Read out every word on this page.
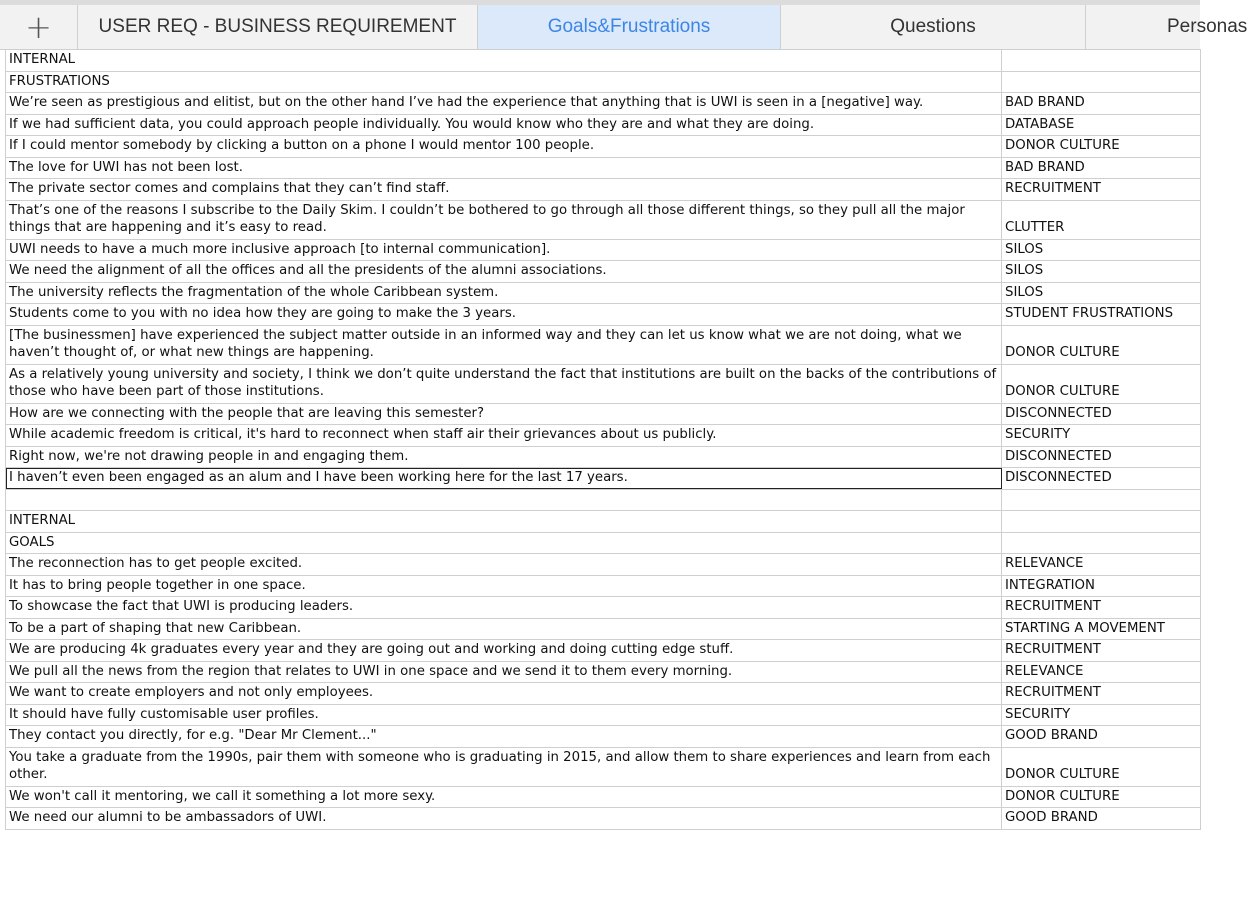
+	USER REQ - BUSINESS REQUIREMENT	Goals&Frustrations	Questions	Personas
INTERNAL	
FRUSTRATIONS	
We’re seen as prestigious and elitist, but on the other hand I’ve had the experience that anything that is UWI is seen in a [negative] way.	BAD BRAND
If we had sufficient data, you could approach people individually. You would know who they are and what they are doing.	DATABASE
If I could mentor somebody by clicking a button on a phone I would mentor 100 people.	DONOR CULTURE
The love for UWI has not been lost.	BAD BRAND
The private sector comes and complains that they can’t find staff.	RECRUITMENT
That’s one of the reasons I subscribe to the Daily Skim. I couldn’t be bothered to go through all those different things, so they pull all the major things that are happening and it’s easy to read.	CLUTTER
UWI needs to have a much more inclusive approach [to internal communication].	SILOS
We need the alignment of all the offices and all the presidents of the alumni associations.	SILOS
The university reflects the fragmentation of the whole Caribbean system.	SILOS
Students come to you with no idea how they are going to make the 3 years.	STUDENT FRUSTRATIONS
[The businessmen] have experienced the subject matter outside in an informed way and they can let us know what we are not doing, what we haven’t thought of, or what new things are happening.	DONOR CULTURE
As a relatively young university and society, I think we don’t quite understand the fact that institutions are built on the backs of the contributions of those who have been part of those institutions.	DONOR CULTURE
How are we connecting with the people that are leaving this semester?	DISCONNECTED
While academic freedom is critical, it's hard to reconnect when staff air their grievances about us publicly.	SECURITY
Right now, we're not drawing people in and engaging them.	DISCONNECTED
I haven’t even been engaged as an alum and I have been working here for the last 17 years.	DISCONNECTED

INTERNAL	
GOALS	
The reconnection has to get people excited.	RELEVANCE
It has to bring people together in one space.	INTEGRATION
To showcase the fact that UWI is producing leaders.	RECRUITMENT
To be a part of shaping that new Caribbean.	STARTING A MOVEMENT
We are producing 4k graduates every year and they are going out and working and doing cutting edge stuff.	RECRUITMENT
We pull all the news from the region that relates to UWI in one space and we send it to them every morning.	RELEVANCE
We want to create employers and not only employees.	RECRUITMENT
It should have fully customisable user profiles.	SECURITY
They contact you directly, for e.g. "Dear Mr Clement..."	GOOD BRAND
You take a graduate from the 1990s, pair them with someone who is graduating in 2015, and allow them to share experiences and learn from each other.	DONOR CULTURE
We won't call it mentoring, we call it something a lot more sexy.	DONOR CULTURE
We need our alumni to be ambassadors of UWI.	GOOD BRAND
